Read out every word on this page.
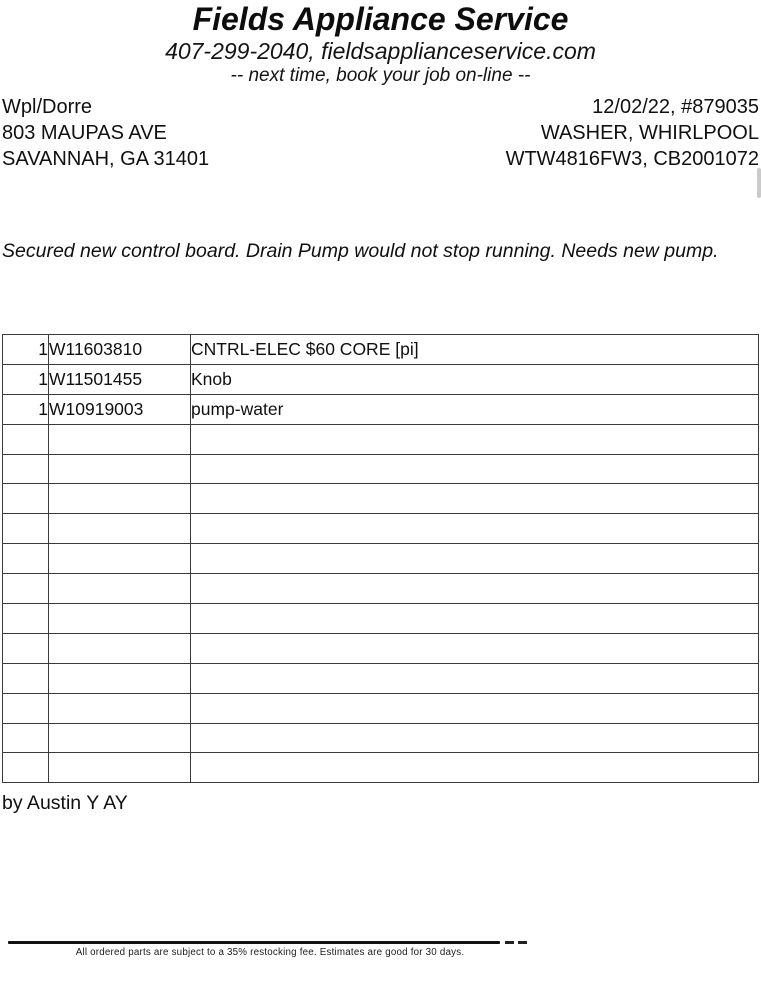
Fields Appliance Service
407-299-2040, fieldsapplianceservice.com
-- next time, book your job on-line --
Wpl/Dorre
803 MAUPAS AVE
SAVANNAH, GA 31401
12/02/22, #879035
WASHER, WHIRLPOOL
WTW4816FW3, CB2001072
Secured new control board. Drain Pump would not stop running. Needs new pump.
1	W11603810	CNTRL-ELEC $60 CORE [pi]
1	W11501455	Knob
1	W10919003	pump-water

by Austin Y AY
All ordered parts are subject to a 35% restocking fee. Estimates are good for 30 days.
